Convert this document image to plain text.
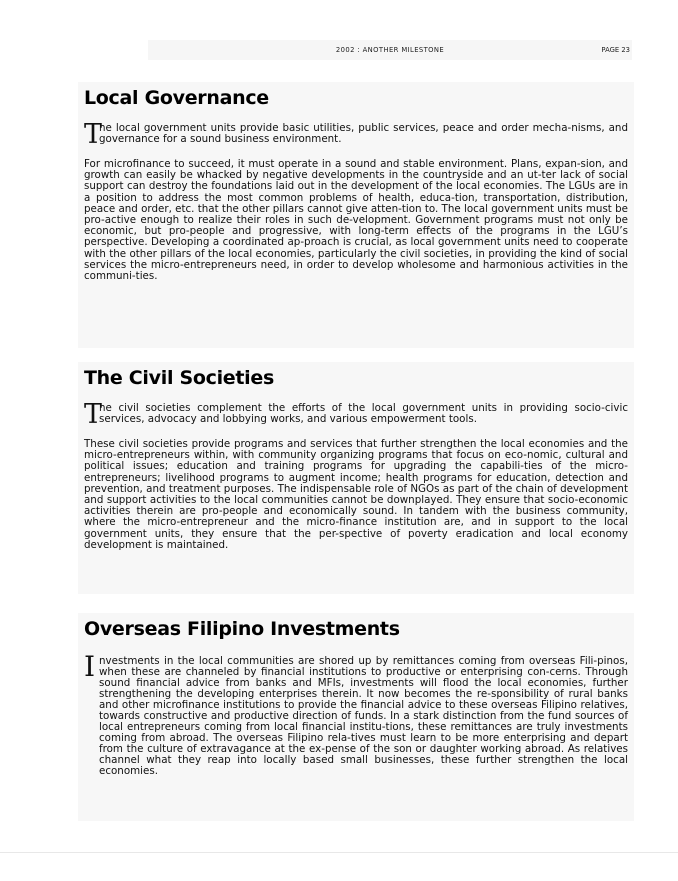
2002 : ANOTHER MILESTONE	PAGE 23
Local Governance

T
he local government units provide basic utilities, public services, peace and order mecha-nisms, and governance for a sound business environment.

For microfinance to succeed, it must operate in a sound and stable environment. Plans, expan-sion, and growth can easily be whacked by negative developments in the countryside and an ut-ter lack of social support can destroy the foundations laid out in the development of the local economies. The LGUs are in a position to address the most common problems of health, educa-tion, transportation, distribution, peace and order, etc. that the other pillars cannot give atten-tion to. The local government units must be pro-active enough to realize their roles in such de-velopment. Government programs must not only be economic, but pro-people and progressive, with long-term effects of the programs in the LGU’s perspective. Developing a coordinated ap-proach is crucial, as local government units need to cooperate with the other pillars of the local economies, particularly the civil societies, in providing the kind of social services the micro-entrepreneurs need, in order to develop wholesome and harmonious activities in the communi-ties.

The Civil Societies

T
he civil societies complement the efforts of the local government units in providing socio-civic services, advocacy and lobbying works, and various empowerment tools.

These civil societies provide programs and services that further strengthen the local economies and the micro-entrepreneurs within, with community organizing programs that focus on eco-nomic, cultural and political issues; education and training programs for upgrading the capabili-ties of the micro-entrepreneurs; livelihood programs to augment income; health programs for education, detection and prevention, and treatment purposes. The indispensable role of NGOs as part of the chain of development and support activities to the local communities cannot be downplayed. They ensure that socio-economic activities therein are pro-people and economically sound. In tandem with the business community, where the micro-entrepreneur and the micro-finance institution are, and in support to the local government units, they ensure that the per-spective of poverty eradication and local economy development is maintained.

Overseas Filipino Investments

I nvestments in the local communities are shored up by remittances coming from overseas Fili-pinos, when these are channeled by financial institutions to productive or enterprising con-cerns. Through sound financial advice from banks and MFIs, investments will flood the local economies, further strengthening the developing enterprises therein. It now becomes the re-sponsibility of rural banks and other microfinance institutions to provide the financial advice to these overseas Filipino relatives, towards constructive and productive direction of funds. In a stark distinction from the fund sources of local entrepreneurs coming from local financial institu-tions, these remittances are truly investments coming from abroad. The overseas Filipino rela-tives must learn to be more enterprising and depart from the culture of extravagance at the ex-pense of the son or daughter working abroad. As relatives channel what they reap into locally based small businesses, these further strengthen the local economies.
